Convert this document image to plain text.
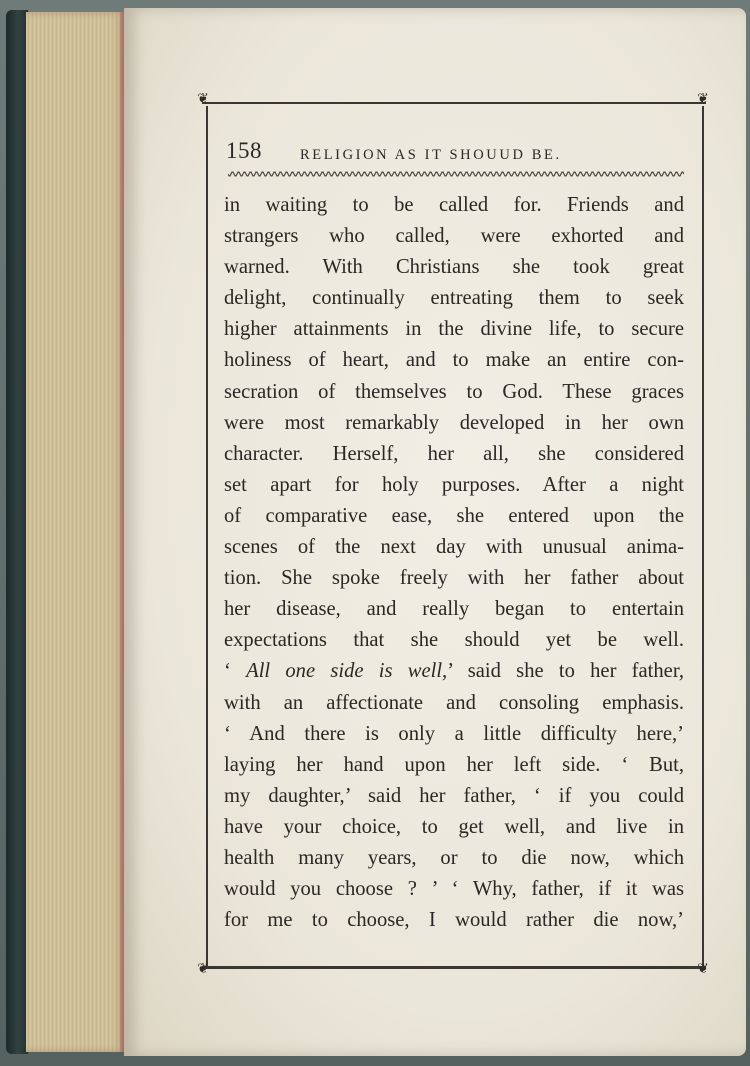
❦	❦
❦	❦
158	RELIGION AS IT SHOUUD BE.
in waiting to be called for. Friends and
strangers who called, were exhorted and
warned. With Christians she took great
delight, continually entreating them to seek
higher attainments in the divine life, to secure
holiness of heart, and to make an entire con-
secration of themselves to God. These graces
were most remarkably developed in her own
character. Herself, her all, she considered
set apart for holy purposes. After a night
of comparative ease, she entered upon the
scenes of the next day with unusual anima-
tion. She spoke freely with her father about
her disease, and really began to entertain
expectations that she should yet be well.
‘ All one side is well,’ said she to her father,
with an affectionate and consoling emphasis.
‘ And there is only a little difficulty here,’
laying her hand upon her left side. ‘ But,
my daughter,’ said her father, ‘ if you could
have your choice, to get well, and live in
health many years, or to die now, which
would you choose ? ’ ‘ Why, father, if it was
for me to choose, I would rather die now,’
